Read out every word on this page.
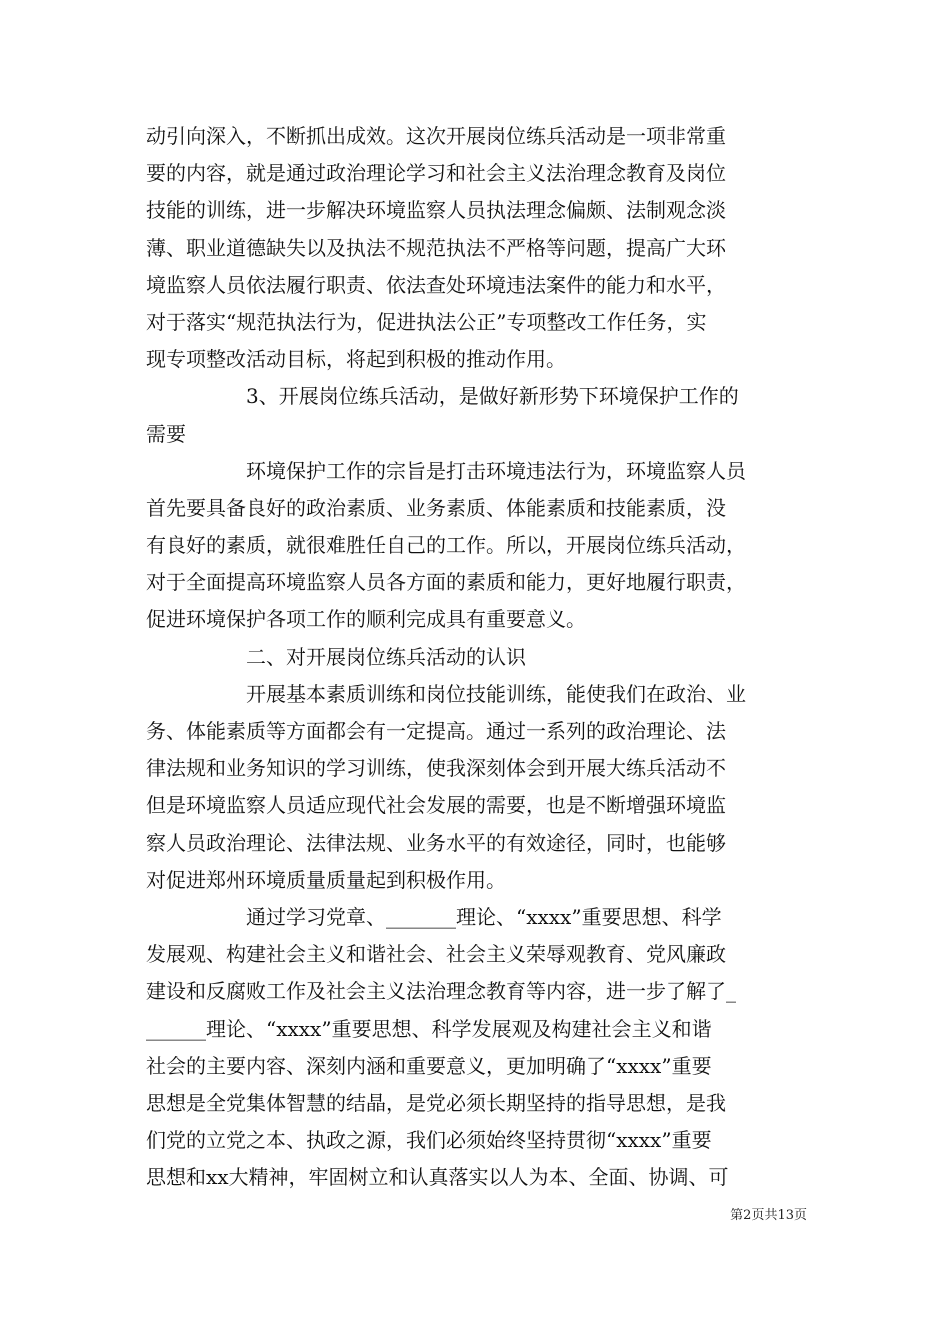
动引向深入，不断抓出成效。这次开展岗位练兵活动是一项非常重
要的内容，就是通过政治理论学习和社会主义法治理念教育及岗位
技能的训练，进一步解决环境监察人员执法理念偏颇、法制观念淡
薄、职业道德缺失以及执法不规范执法不严格等问题，提高广大环
境监察人员依法履行职责、依法查处环境违法案件的能力和水平，
对于落实“规范执法行为，促进执法公正”专项整改工作任务，实
现专项整改活动目标，将起到积极的推动作用。
3、开展岗位练兵活动，是做好新形势下环境保护工作的
需要
环境保护工作的宗旨是打击环境违法行为，环境监察人员
首先要具备良好的政治素质、业务素质、体能素质和技能素质，没
有良好的素质，就很难胜任自己的工作。所以，开展岗位练兵活动，
对于全面提高环境监察人员各方面的素质和能力，更好地履行职责，
促进环境保护各项工作的顺利完成具有重要意义。
二、对开展岗位练兵活动的认识
开展基本素质训练和岗位技能训练，能使我们在政治、业
务、体能素质等方面都会有一定提高。通过一系列的政治理论、法
律法规和业务知识的学习训练，使我深刻体会到开展大练兵活动不
但是环境监察人员适应现代社会发展的需要，也是不断增强环境监
察人员政治理论、法律法规、业务水平的有效途径，同时，也能够
对促进郑州环境质量质量起到积极作用。
通过学习党章、_______理论、“xxxx”重要思想、科学
发展观、构建社会主义和谐社会、社会主义荣辱观教育、党风廉政
建设和反腐败工作及社会主义法治理念教育等内容，进一步了解了_
______理论、“xxxx”重要思想、科学发展观及构建社会主义和谐
社会的主要内容、深刻内涵和重要意义，更加明确了“xxxx”重要
思想是全党集体智慧的结晶，是党必须长期坚持的指导思想，是我
们党的立党之本、执政之源，我们必须始终坚持贯彻“xxxx”重要
思想和xx大精神，牢固树立和认真落实以人为本、全面、协调、可
第2页共13页
